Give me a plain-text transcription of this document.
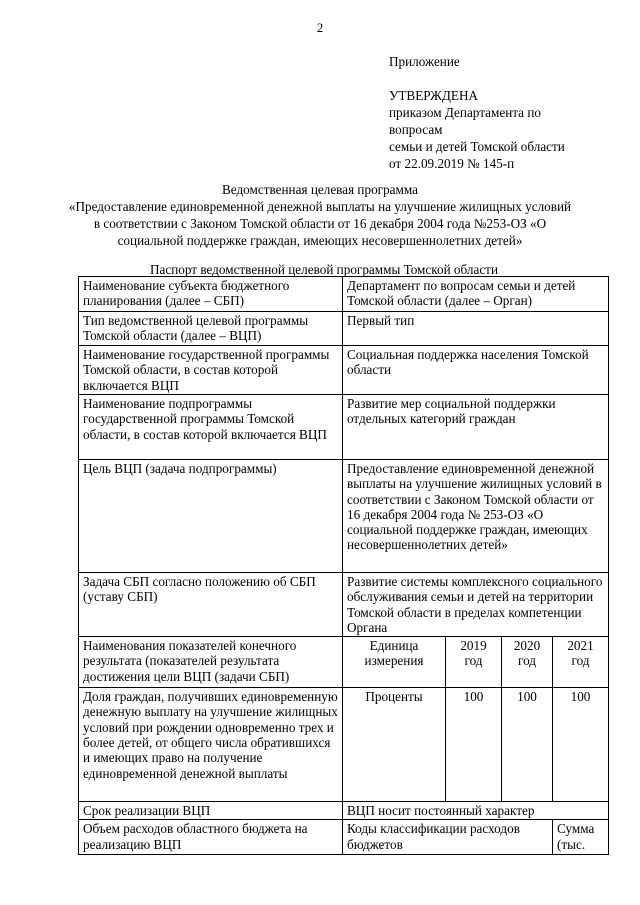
2
Приложение
УТВЕРЖДЕНА
приказом Департамента по
вопросам
семьи и детей Томской области
от 22.09.2019 № 145-п
Ведомственная целевая программа
«Предоставление единовременной денежной выплаты на улучшение жилищных условий
в соответствии с Законом Томской области от 16 декабря 2004 года №253-ОЗ «О
социальной поддержке граждан, имеющих несовершеннолетних детей»
Паспорт ведомственной целевой программы Томской области
Наименование субъекта бюджетного планирования (далее – СБП)	Департамент по вопросам семьи и детей Томской области (далее – Орган)			
Тип ведомственной целевой программы Томской области (далее – ВЦП)	Первый тип			
Наименование государственной программы Томской области, в состав которой включается ВЦП	Социальная поддержка населения Томской области			
Наименование подпрограммы государственной программы Томской области, в состав которой включается ВЦП	Развитие мер социальной поддержки отдельных категорий граждан			
Цель ВЦП (задача подпрограммы)	Предоставление единовременной денежной выплаты на улучшение жилищных условий в соответствии с Законом Томской области от 16 декабря 2004 года № 253-ОЗ «О социальной поддержке граждан, имеющих несовершеннолетних детей»			
Задача СБП согласно положению об СБП (уставу СБП)	Развитие системы комплексного социального обслуживания семьи и детей на территории Томской области в пределах компетенции Органа			
Наименования показателей конечного результата (показателей результата достижения цели ВЦП (задачи СБП)	Единица измерения	2019 год	2020 год	2021 год
Доля граждан, получивших единовременную денежную выплату на улучшение жилищных условий при рождении одновременно трех и более детей, от общего числа обратившихся и имеющих право на получение единовременной денежной выплаты	Проценты	100	100	100
Срок реализации ВЦП	ВЦП носит постоянный характер			
Объем расходов областного бюджета на реализацию ВЦП	Коды классификации расходов бюджетов			Сумма (тыс.
